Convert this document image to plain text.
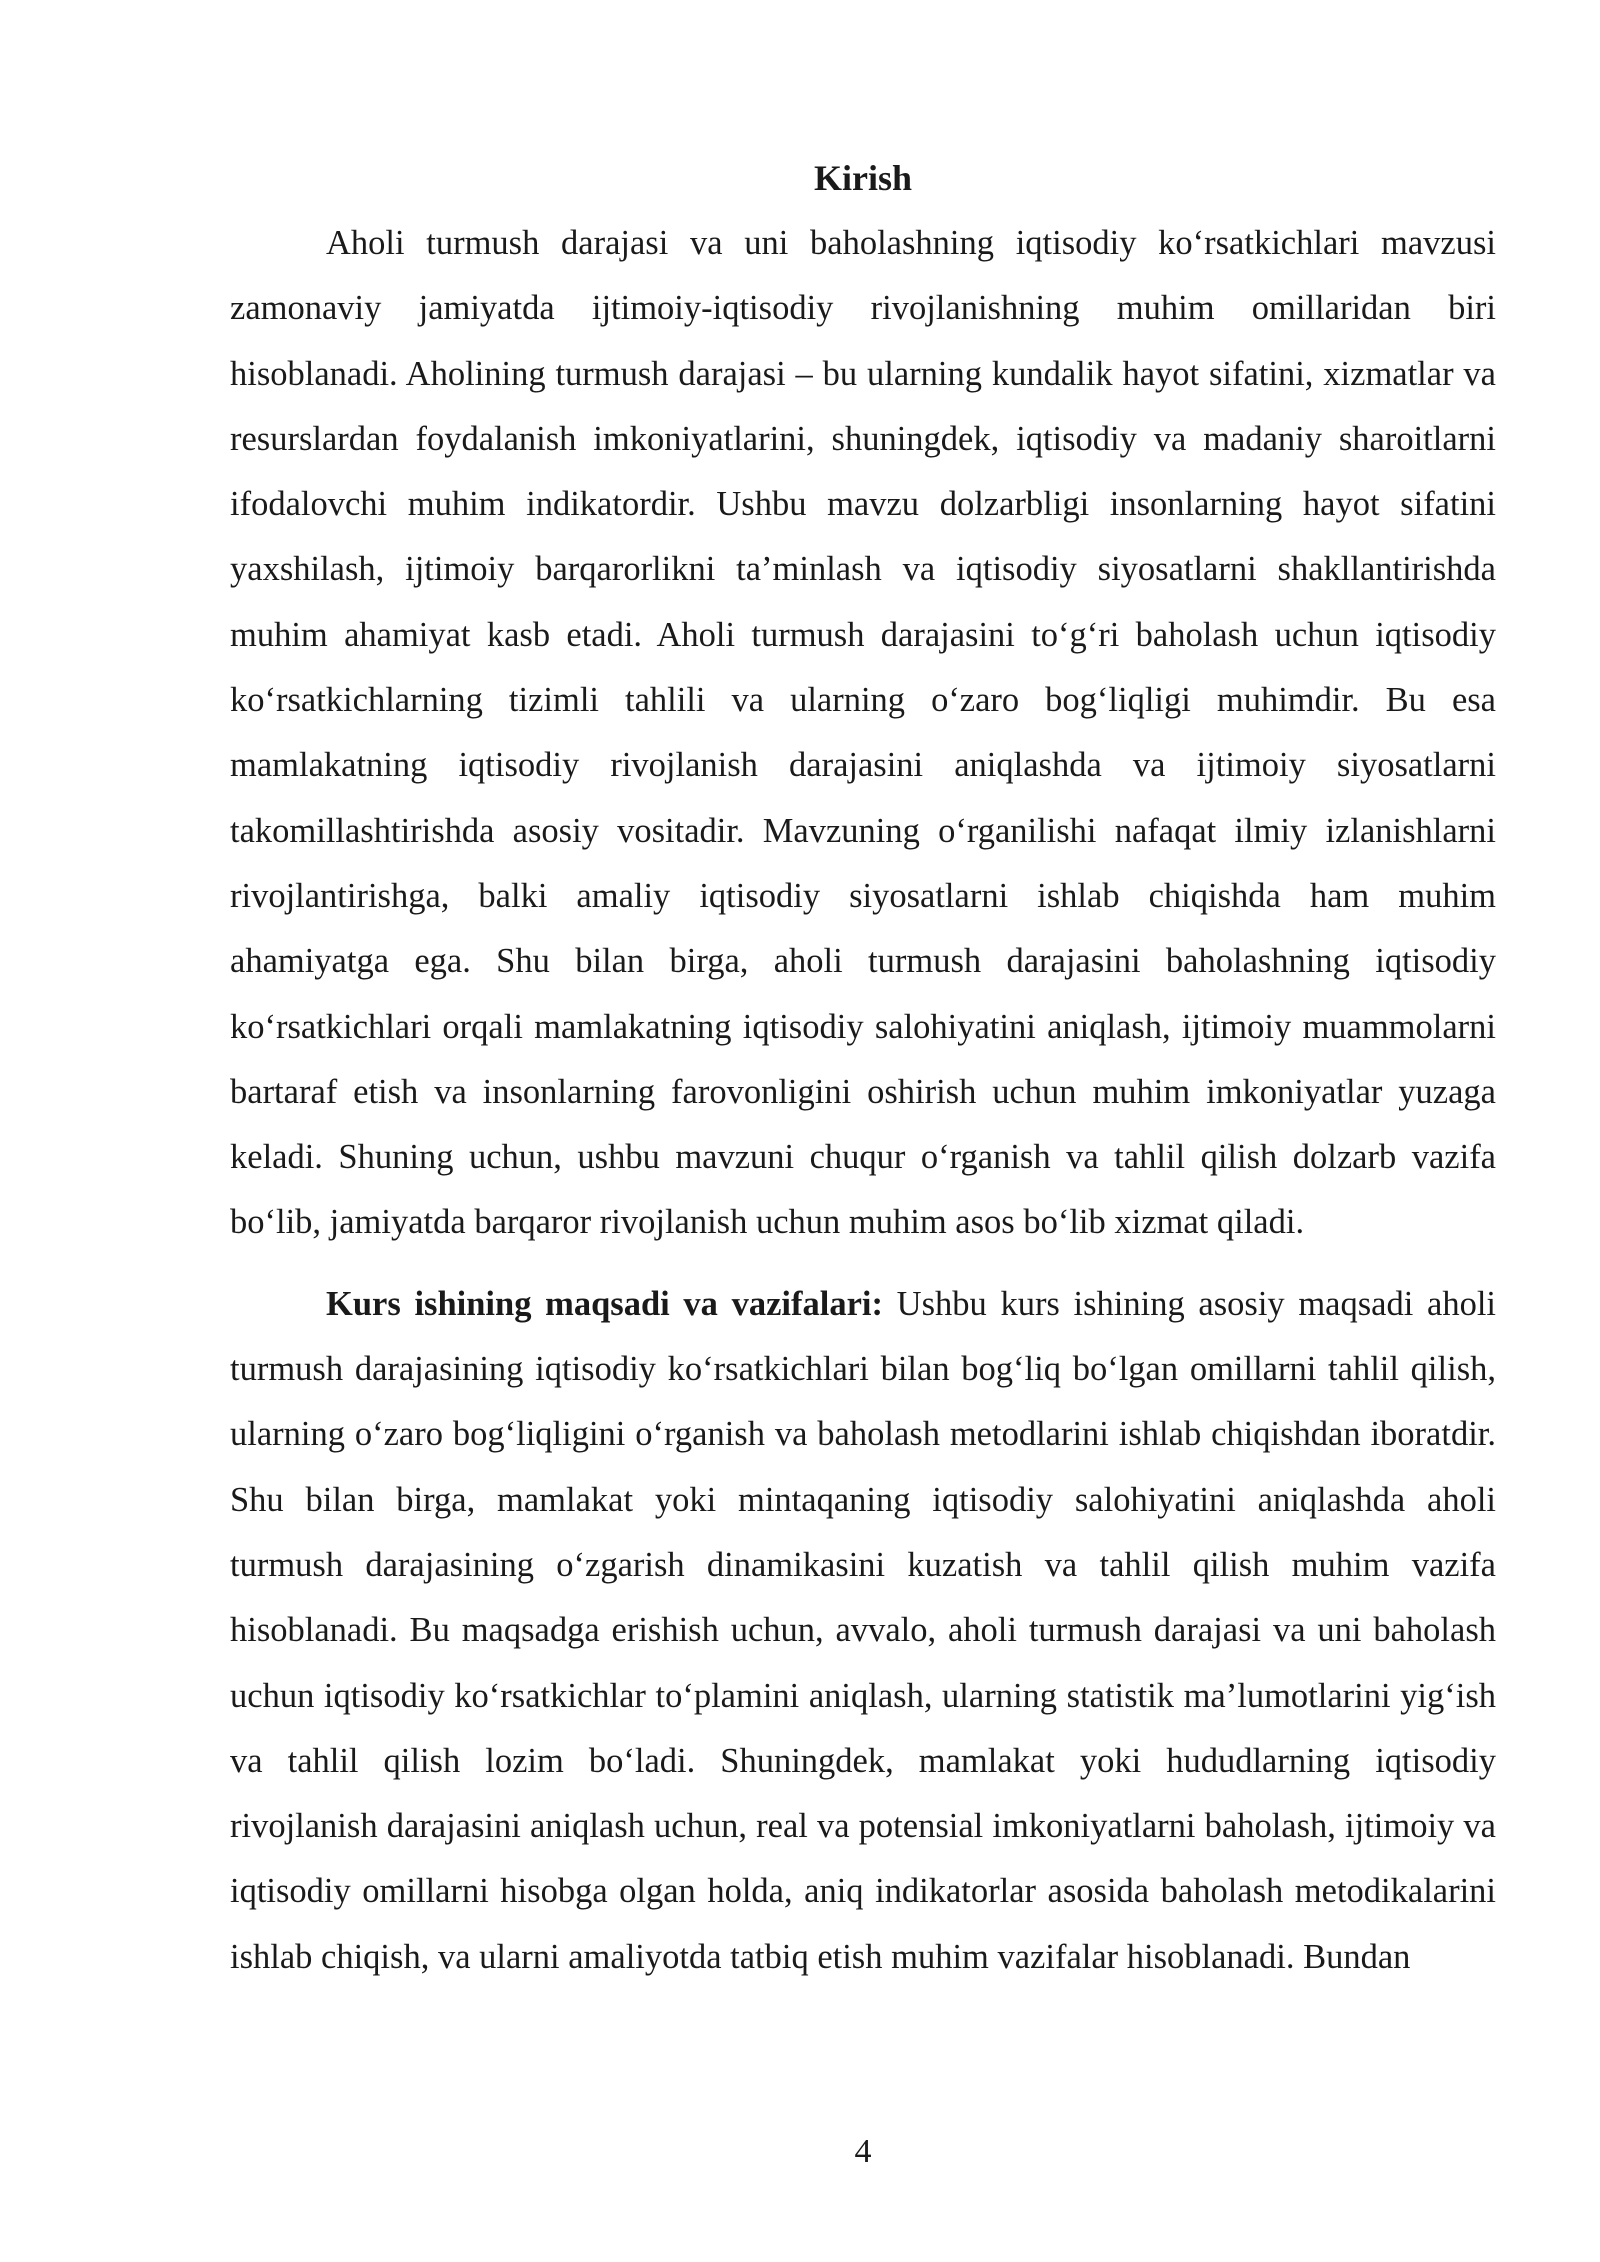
Kirish

Aholi turmush darajasi va uni baholashning iqtisodiy koʻrsatkichlari mavzusi zamonaviy jamiyatda ijtimoiy-iqtisodiy rivojlanishning muhim omillaridan biri hisoblanadi. Aholining turmush darajasi – bu ularning kundalik hayot sifatini, xizmatlar va resurslardan foydalanish imkoniyatlarini, shuningdek, iqtisodiy va madaniy sharoitlarni ifodalovchi muhim indikatordir. Ushbu mavzu dolzarbligi insonlarning hayot sifatini yaxshilash, ijtimoiy barqarorlikni ta’minlash va iqtisodiy siyosatlarni shakllantirishda muhim ahamiyat kasb etadi. Aholi turmush darajasini toʻgʻri baholash uchun iqtisodiy koʻrsatkichlarning tizimli tahlili va ularning oʻzaro bogʻliqligi muhimdir. Bu esa mamlakatning iqtisodiy rivojlanish darajasini aniqlashda va ijtimoiy siyosatlarni takomillashtirishda asosiy vositadir. Mavzuning oʻrganilishi nafaqat ilmiy izlanishlarni rivojlantirishga, balki amaliy iqtisodiy siyosatlarni ishlab chiqishda ham muhim ahamiyatga ega. Shu bilan birga, aholi turmush darajasini baholashning iqtisodiy koʻrsatkichlari orqali mamlakatning iqtisodiy salohiyatini aniqlash, ijtimoiy muammolarni bartaraf etish va insonlarning farovonligini oshirish uchun muhim imkoniyatlar yuzaga keladi. Shuning uchun, ushbu mavzuni chuqur oʻrganish va tahlil qilish dolzarb vazifa boʻlib, jamiyatda barqaror rivojlanish uchun muhim asos boʻlib xizmat qiladi.

Kurs ishining maqsadi va vazifalari: Ushbu kurs ishining asosiy maqsadi aholi turmush darajasining iqtisodiy koʻrsatkichlari bilan bogʻliq boʻlgan omillarni tahlil qilish, ularning oʻzaro bogʻliqligini oʻrganish va baholash metodlarini ishlab chiqishdan iboratdir. Shu bilan birga, mamlakat yoki mintaqaning iqtisodiy salohiyatini aniqlashda aholi turmush darajasining oʻzgarish dinamikasini kuzatish va tahlil qilish muhim vazifa hisoblanadi. Bu maqsadga erishish uchun, avvalo, aholi turmush darajasi va uni baholash uchun iqtisodiy koʻrsatkichlar toʻplamini aniqlash, ularning statistik ma’lumotlarini yigʻish va tahlil qilish lozim boʻladi. Shuningdek, mamlakat yoki hududlarning iqtisodiy rivojlanish darajasini aniqlash uchun, real va potensial imkoniyatlarni baholash, ijtimoiy va iqtisodiy omillarni hisobga olgan holda, aniq indikatorlar asosida baholash metodikalarini ishlab chiqish, va ularni amaliyotda tatbiq etish muhim vazifalar hisoblanadi. Bundan

4
